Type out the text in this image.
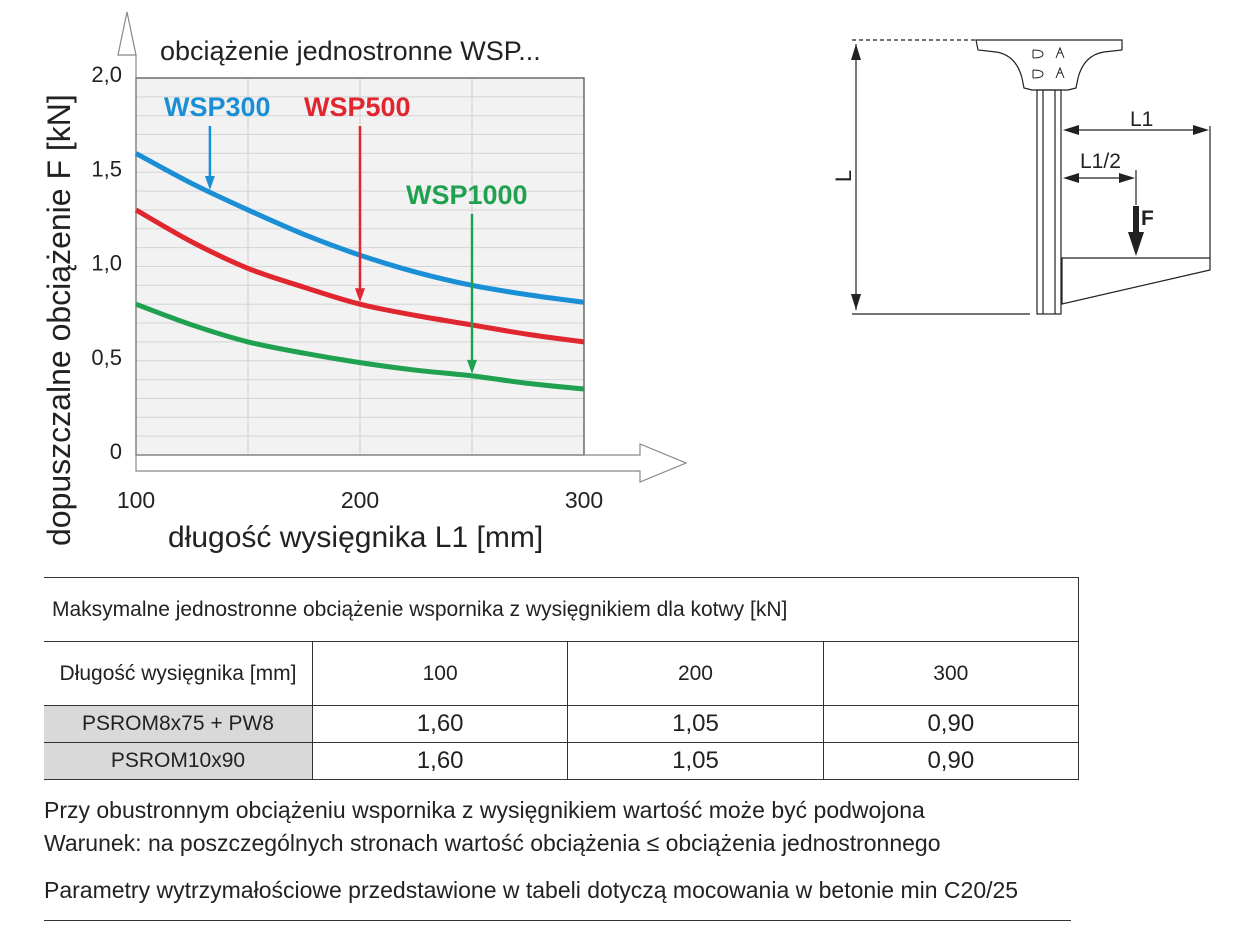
WSP300 WSP500
WSP1000
0
0,5
1,0
1,5
2,0
100	200	300
obciążenie jednostronne WSP...
długość wysięgnika L1 [mm]
dopuszczalne obciążenie F [kN]	L
L1
L1/2
F
Maksymalne jednostronne obciążenie wspornika z wysięgnikiem dla kotwy [kN]			
Długość wysięgnika [mm]	100	200	300
PSROM8x75 + PW8	1,60	1,05	0,90
PSROM10x90	1,60	1,05	0,90
Przy obustronnym obciążeniu wspornika z wysięgnikiem wartość może być podwojona
Warunek: na poszczególnych stronach wartość obciążenia ≤ obciążenia jednostronnego
Parametry wytrzymałościowe przedstawione w tabeli dotyczą mocowania w betonie min C20/25
